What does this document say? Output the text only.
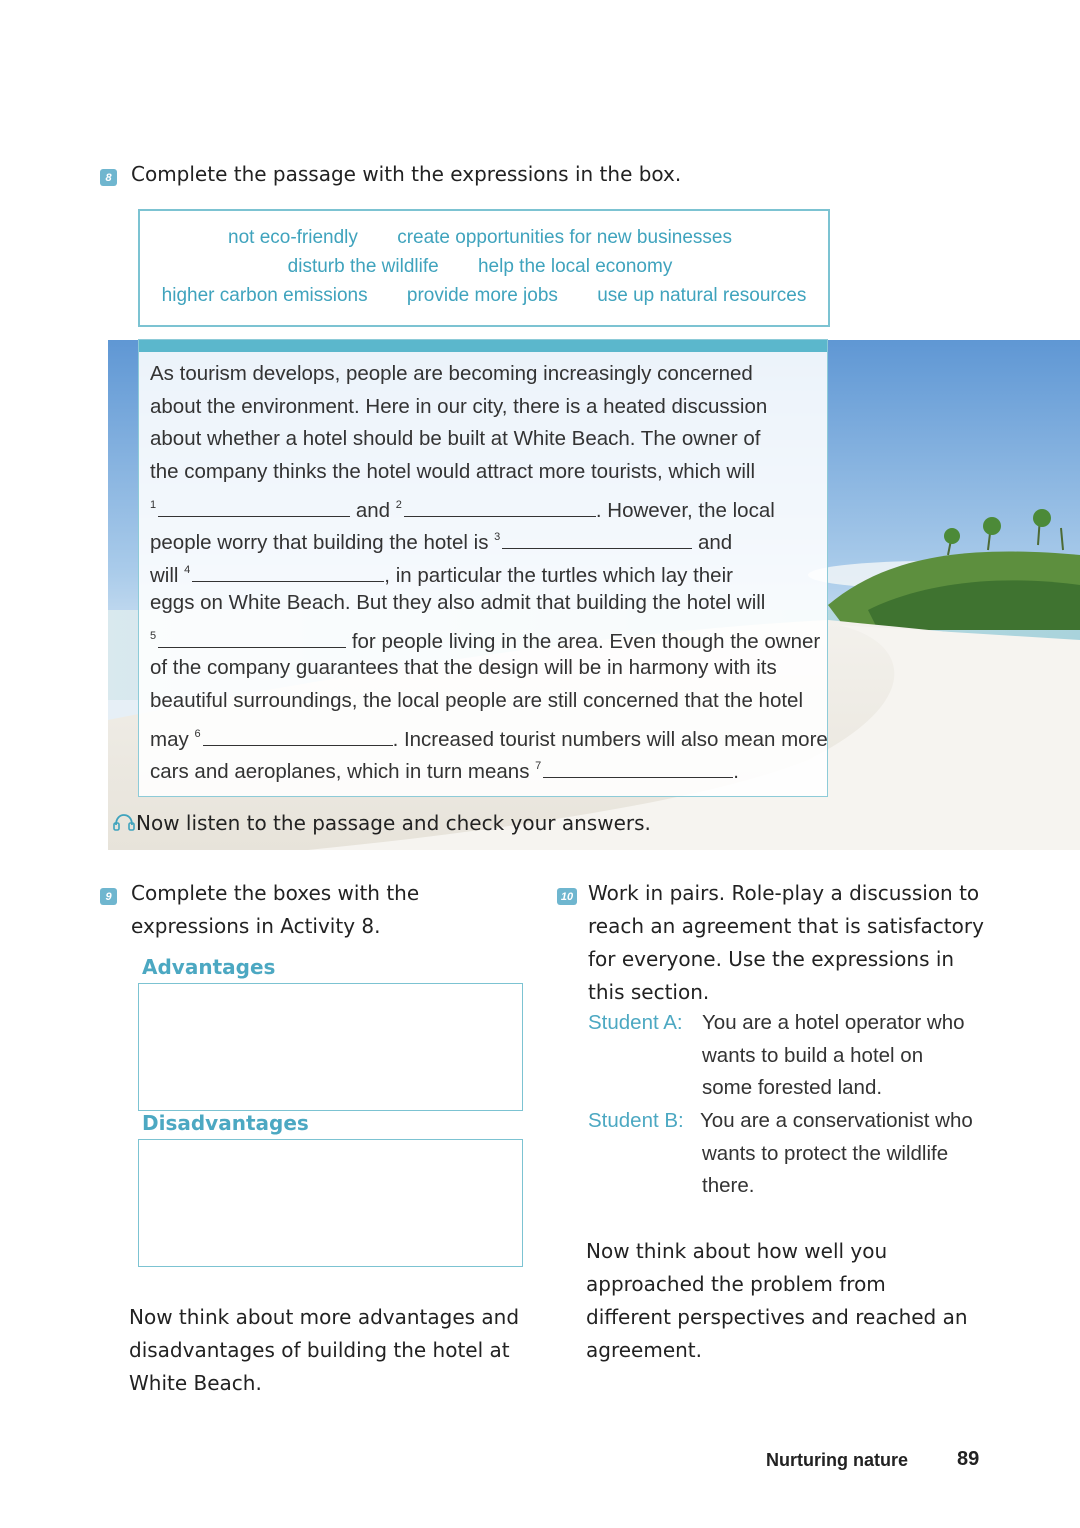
8 Complete the passage with the expressions in the box.
not eco-friendly create opportunities for new businesses
disturb the wildlife help the local economy
higher carbon emissions provide more jobs use up natural resources
As tourism develops, people are becoming increasingly concerned
about the environment. Here in our city, there is a heated discussion
about whether a hotel should be built at White Beach. The owner of
the company thinks the hotel would attract more tourists, which will
$^1$	and $^2$	. However, the local
people worry that building the hotel is $^3$	and
will $^4$	, in particular the turtles which lay their
eggs on White Beach. But they also admit that building the hotel will
$^5$	for people living in the area. Even though the owner
of the company guarantees that the design will be in harmony with its
beautiful surroundings, the local people are still concerned that the hotel
may $^6$	. Increased tourist numbers will also mean more
cars and aeroplanes, which in turn means $^7$	.
Now listen to the passage and check your answers.
9 Complete the boxes with the
expressions in Activity 8.
Advantages
Disadvantages
Now think about more advantages and
disadvantages of building the hotel at
White Beach.
10 Work in pairs. Role-play a discussion to
reach an agreement that is satisfactory
for everyone. Use the expressions in
this section.
Student A: You are a hotel operator who
wants to build a hotel on
some forested land.
Student B: You are a conservationist who
wants to protect the wildlife
there.
Now think about how well you
approached the problem from
different perspectives and reached an
agreement.
Nurturing nature 89
